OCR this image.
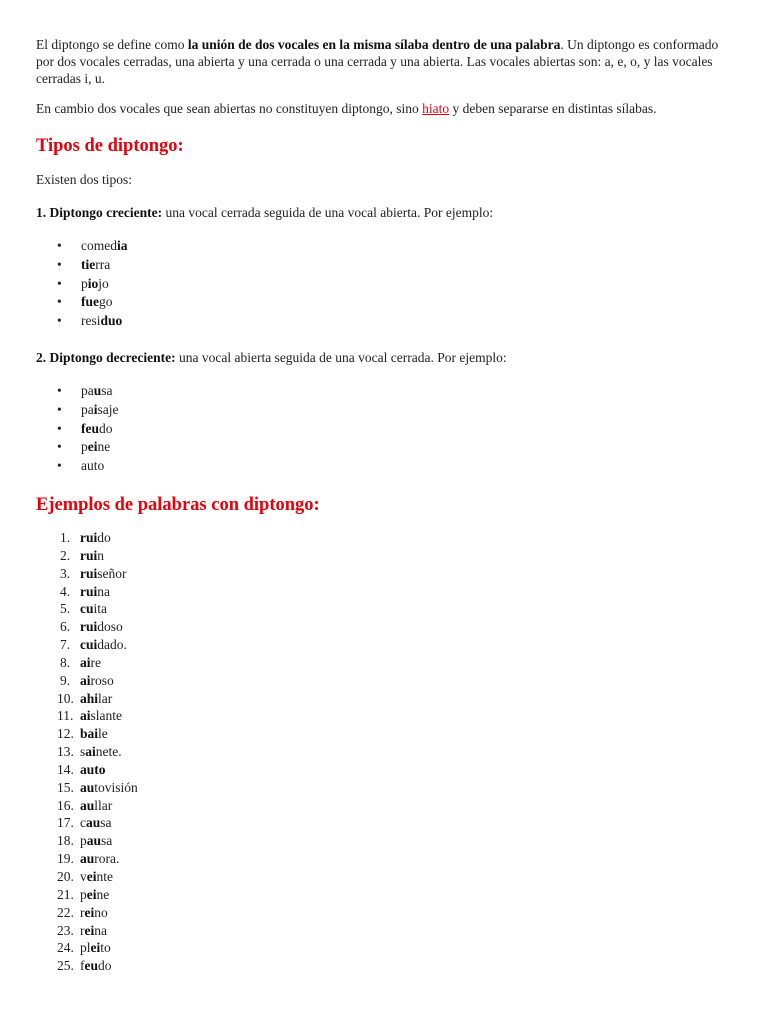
El diptongo se define como la unión de dos vocales en la misma sílaba dentro de una palabra. Un diptongo es conformado por dos vocales cerradas, una abierta y una cerrada o una cerrada y una abierta. Las vocales abiertas son: a, e, o, y las vocales cerradas i, u.

En cambio dos vocales que sean abiertas no constituyen diptongo, sino hiato y deben separarse en distintas sílabas.

Tipos de diptongo:

Existen dos tipos:

1. Diptongo creciente: una vocal cerrada seguida de una vocal abierta. Por ejemplo:

• comedia
• tierra
• piojo
• fuego
• residuo

2. Diptongo decreciente: una vocal abierta seguida de una vocal cerrada. Por ejemplo:

• pausa
• paisaje
• feudo
• peine
• auto
Ejemplos de palabras con diptongo:
1. ruido
2. ruin
3. ruiseñor
4. ruina
5. cuita
6. ruidoso
7. cuidado.
8. aire
9. airoso
10. ahilar
11. aislante
12. baile
13. sainete.
14. auto
15. autovisión
16. aullar
17. causa
18. pausa
19. aurora.
20. veinte
21. peine
22. reino
23. reina
24. pleito
25. feudo
